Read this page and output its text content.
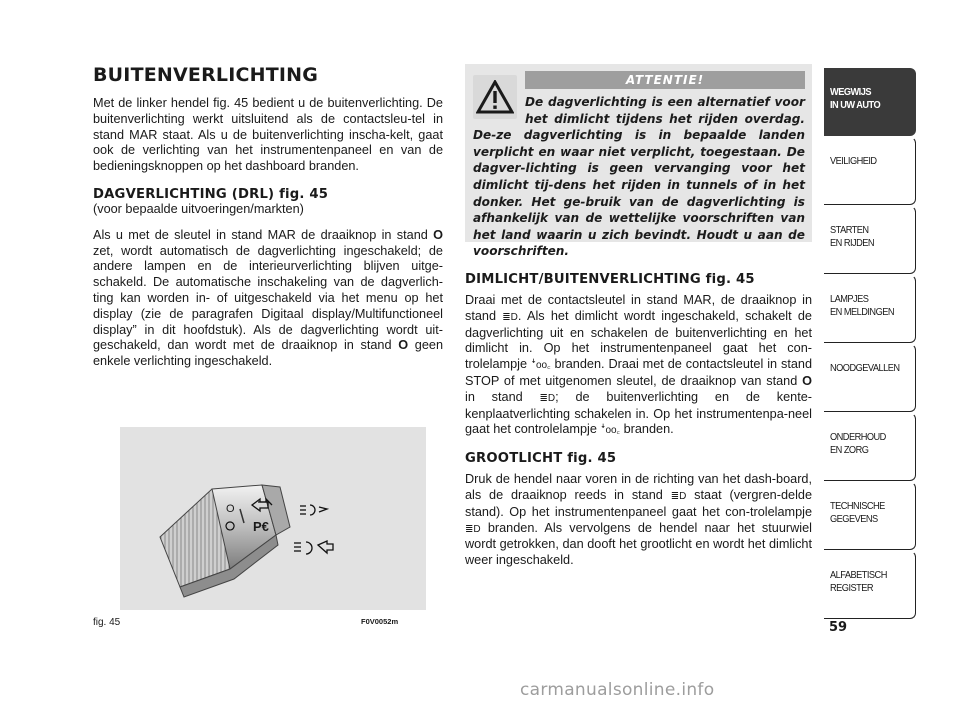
BUITENVERLICHTING

Met de linker hendel fig. 45 bedient u de buitenverlichting. De buitenverlichting werkt uitsluitend als de contactsleu-tel in stand MAR staat. Als u de buitenverlichting inscha-kelt, gaat ook de verlichting van het instrumentenpaneel en van de bedieningsknoppen op het dashboard branden.

DAGVERLICHTING (DRL) fig. 45

(voor bepaalde uitvoeringen/markten)

Als u met de sleutel in stand MAR de draaiknop in stand O zet, wordt automatisch de dagverlichting ingeschakeld; de andere lampen en de interieurverlichting blijven uitge-schakeld. De automatische inschakeling van de dagverlich-ting kan worden in- of uitgeschakeld via het menu op het display (zie de paragrafen Digitaal display/Multifunctioneel display” in dit hoofdstuk). Als de dagverlichting wordt uit-geschakeld, dan wordt met de draaiknop in stand O geen enkele verlichting ingeschakeld.

ATTENTIE!

De dagverlichting is een alternatief voor het dimlicht tijdens het rijden overdag. De-ze dagverlichting is in bepaalde landen verplicht en waar niet verplicht, toegestaan. De dagver-lichting is geen vervanging voor het dimlicht tij-dens het rijden in tunnels of in het donker. Het ge-bruik van de dagverlichting is afhankelijk van de wettelijke voorschriften van het land waarin u zich bevindt. Houdt u aan de voorschriften.

DIMLICHT/BUITENVERLICHTING fig. 45

Draai met de contactsleutel in stand MAR, de draaiknop in stand ≣D. Als het dimlicht wordt ingeschakeld, schakelt de dagverlichting uit en schakelen de buitenverlichting en het dimlicht in. Op het instrumentenpaneel gaat het con-trolelampje ꜜoo꜀ branden. Draai met de contactsleutel in stand STOP of met uitgenomen sleutel, de draaiknop van stand O in stand ≣D; de buitenverlichting en de kente-kenplaatverlichting schakelen in. Op het instrumentenpa-neel gaat het controlelampje ꜜoo꜀ branden.

GROOTLICHT fig. 45

Druk de hendel naar voren in de richting van het dash-board, als de draaiknop reeds in stand ≣D staat (vergren-delde stand). Op het instrumentenpaneel gaat het con-trolelampje ≣D branden. Als vervolgens de hendel naar het stuurwiel wordt getrokken, dan dooft het grootlicht en wordt het dimlicht weer ingeschakeld.

O
P€
fig. 45	F0V0052m
WEGWIJS
IN UW AUTO
VEILIGHEID
STARTEN
EN RIJDEN
LAMPJES
EN MELDINGEN
NOODGEVALLEN
ONDERHOUD
EN ZORG
TECHNISCHE
GEGEVENS
ALFABETISCH
REGISTER
59
carmanualsonline.info
